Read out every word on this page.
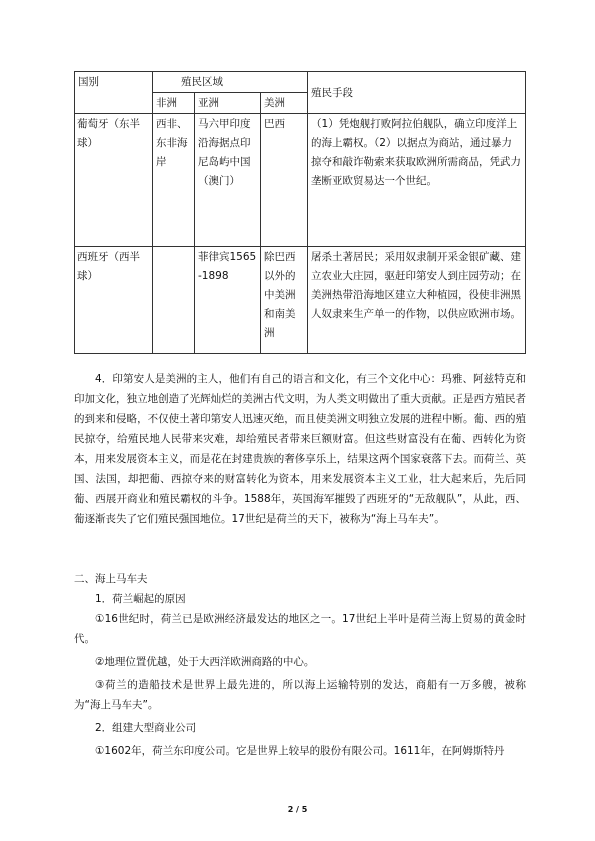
国别	殖民区域			殖民手段
	非洲	亚洲	美洲	
葡萄牙（东半球）	西非、东非海岸	马六甲印度沿海据点印尼岛屿中国（澳门）	巴西	（1）凭炮舰打败阿拉伯舰队，确立印度洋上的海上霸权。（2）以据点为商站，通过暴力掠夺和敲诈勒索来获取欧洲所需商品，凭武力垄断亚欧贸易达一个世纪。
西班牙（西半球）		菲律宾1565-1898	除巴西以外的中美洲和南美洲	屠杀土著居民；采用奴隶制开采金银矿藏、建立农业大庄园，驱赶印第安人到庄园劳动；在美洲热带沿海地区建立大种植园，役使非洲黑人奴隶来生产单一的作物，以供应欧洲市场。
4．印第安人是美洲的主人，他们有自己的语言和文化，有三个文化中心：玛雅、阿兹特克和印加文化，独立地创造了光辉灿烂的美洲古代文明，为人类文明做出了重大贡献。正是西方殖民者的到来和侵略，不仅使土著印第安人迅速灭绝，而且使美洲文明独立发展的进程中断。葡、西的殖民掠夺，给殖民地人民带来灾难，却给殖民者带来巨额财富。但这些财富没有在葡、西转化为资本，用来发展资本主义，而是花在封建贵族的奢侈享乐上，结果这两个国家衰落下去。而荷兰、英国、法国，却把葡、西掠夺来的财富转化为资本，用来发展资本主义工业，壮大起来后，先后同葡、西展开商业和殖民霸权的斗争。1588年，英国海军摧毁了西班牙的“无敌舰队”，从此，西、葡逐渐丧失了它们殖民强国地位。17世纪是荷兰的天下，被称为“海上马车夫”。
二、海上马车夫
1．荷兰崛起的原因
①16世纪时，荷兰已是欧洲经济最发达的地区之一。17世纪上半叶是荷兰海上贸易的黄金时代。
②地理位置优越，处于大西洋欧洲商路的中心。
③荷兰的造船技术是世界上最先进的，所以海上运输特别的发达，商船有一万多艘，被称为“海上马车夫”。
2．组建大型商业公司
①1602年，荷兰东印度公司。它是世界上较早的股份有限公司。1611年，在阿姆斯特丹
2 / 5
